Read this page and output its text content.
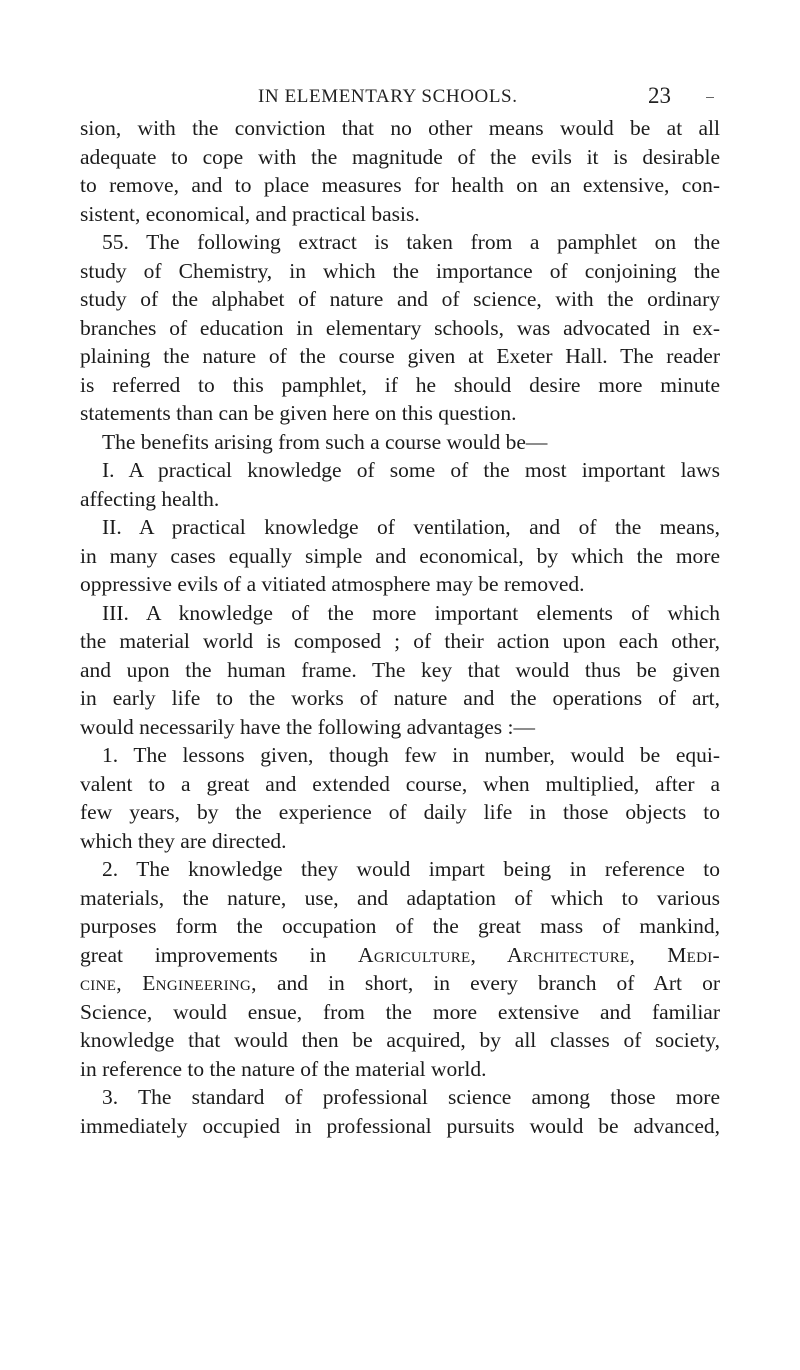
IN ELEMENTARY SCHOOLS.	23
sion, with the conviction that no other means would be at all
adequate to cope with the magnitude of the evils it is desirable
to remove, and to place measures for health on an extensive, con-
sistent, economical, and practical basis.
55. The following extract is taken from a pamphlet on the
study of Chemistry, in which the importance of conjoining the
study of the alphabet of nature and of science, with the ordinary
branches of education in elementary schools, was advocated in ex-
plaining the nature of the course given at Exeter Hall. The reader
is referred to this pamphlet, if he should desire more minute
statements than can be given here on this question.
The benefits arising from such a course would be—
I. A practical knowledge of some of the most important laws
affecting health.
II. A practical knowledge of ventilation, and of the means,
in many cases equally simple and economical, by which the more
oppressive evils of a vitiated atmosphere may be removed.
III. A knowledge of the more important elements of which
the material world is composed ; of their action upon each other,
and upon the human frame. The key that would thus be given
in early life to the works of nature and the operations of art,
would necessarily have the following advantages :—
1. The lessons given, though few in number, would be equi-
valent to a great and extended course, when multiplied, after a
few years, by the experience of daily life in those objects to
which they are directed.
2. The knowledge they would impart being in reference to
materials, the nature, use, and adaptation of which to various
purposes form the occupation of the great mass of mankind,
great improvements in Agriculture, Architecture, Medi-
cine, Engineering, and in short, in every branch of Art or
Science, would ensue, from the more extensive and familiar
knowledge that would then be acquired, by all classes of society,
in reference to the nature of the material world.
3. The standard of professional science among those more
immediately occupied in professional pursuits would be advanced,
